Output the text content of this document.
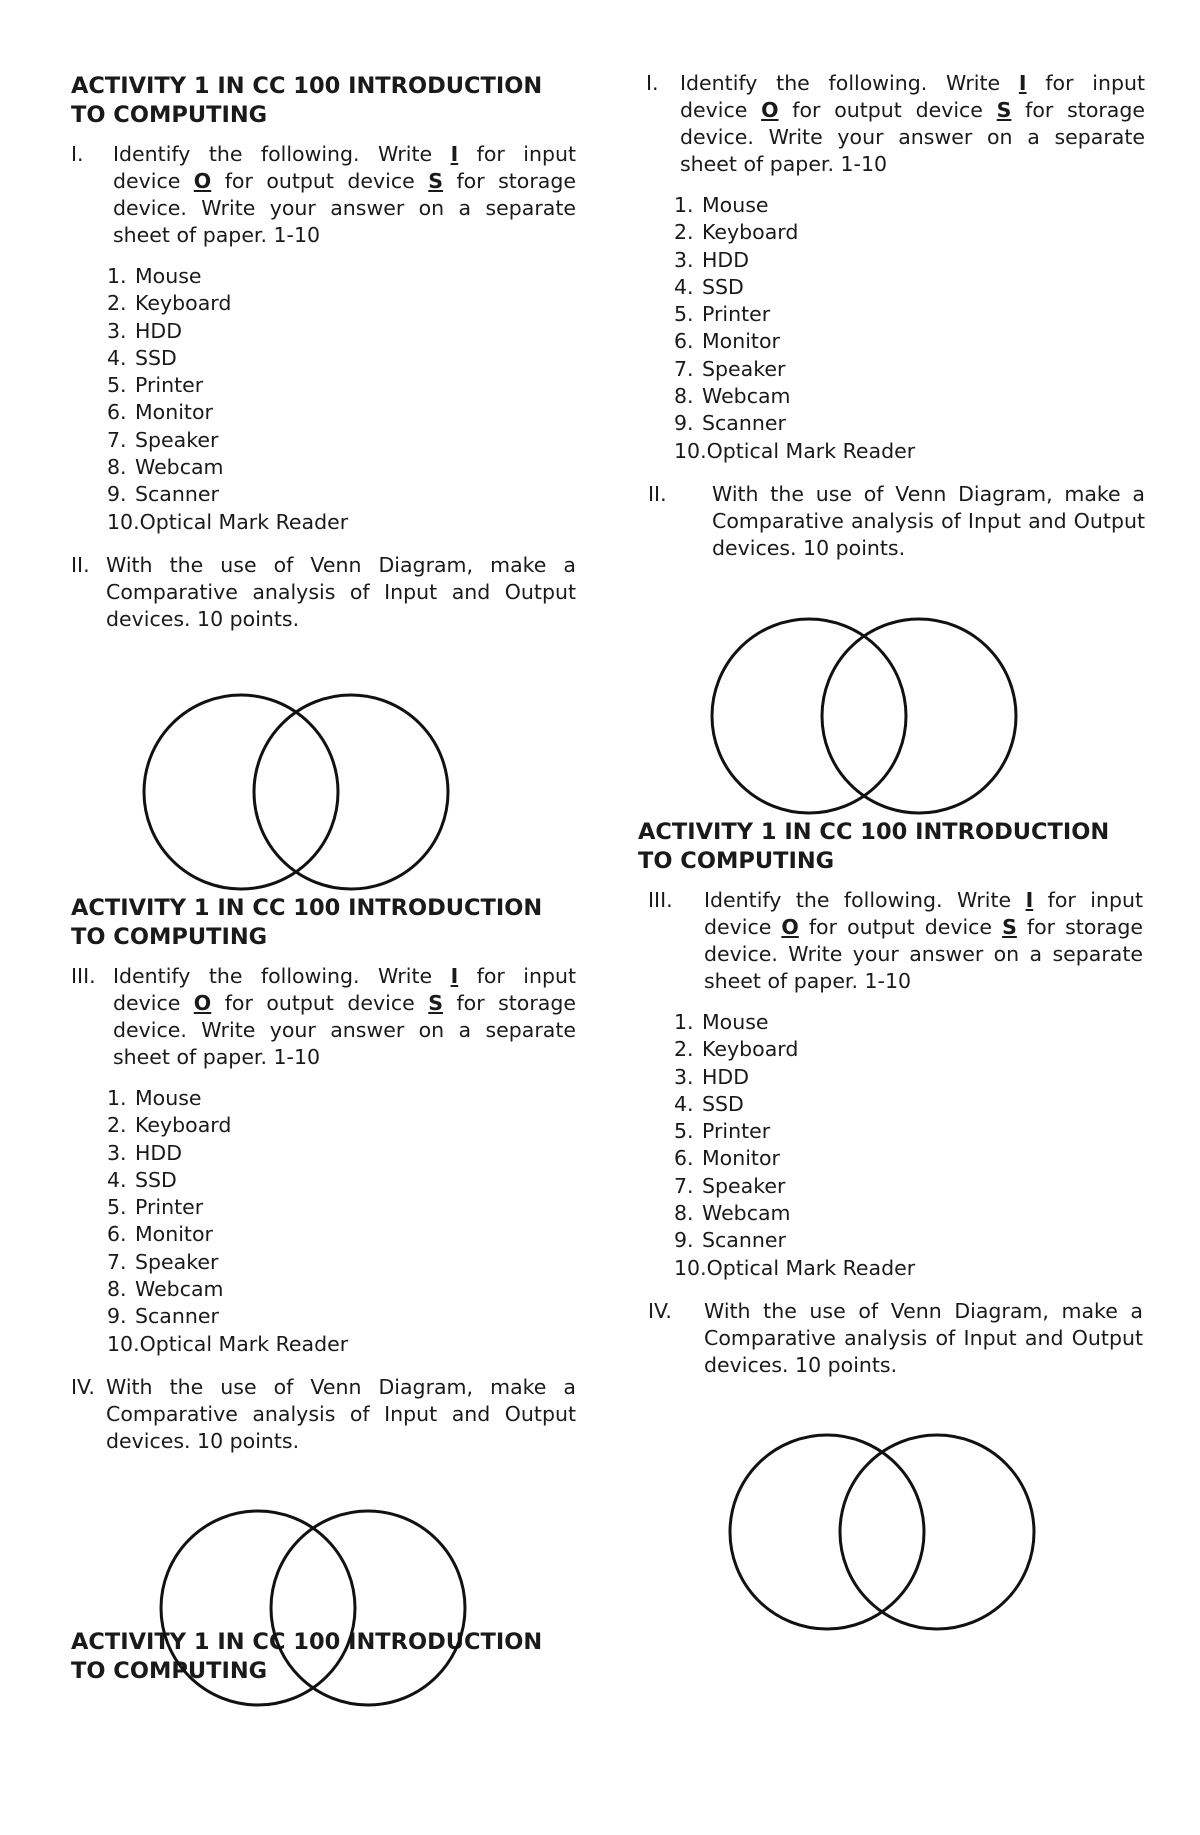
ACTIVITY 1 IN CC 100 INTRODUCTION TO COMPUTING
I.	Identify the following. Write I for input device O for output device S for storage device. Write your answer on a separate sheet of paper. 1-10
1. Mouse
2. Keyboard
3. HDD
4. SSD
5. Printer
6. Monitor
7. Speaker
8. Webcam
9. Scanner
10. Optical Mark Reader
II. With the use of Venn Diagram, make a Comparative analysis of Input and Output devices. 10 points.
ACTIVITY 1 IN CC 100 INTRODUCTION TO COMPUTING
III. Identify the following. Write I for input device O for output device S for storage device. Write your answer on a separate sheet of paper. 1-10
1. Mouse
2. Keyboard
3. HDD
4. SSD
5. Printer
6. Monitor
7. Speaker
8. Webcam
9. Scanner
10. Optical Mark Reader
IV. With the use of Venn Diagram, make a Comparative analysis of Input and Output devices. 10 points.
ACTIVITY 1 IN CC 100 INTRODUCTION TO COMPUTING
I.	Identify the following. Write I for input device O for output device S for storage device. Write your answer on a separate sheet of paper. 1-10
1. Mouse
2. Keyboard
3. HDD
4. SSD
5. Printer
6. Monitor
7. Speaker
8. Webcam
9. Scanner
10. Optical Mark Reader
II.	With the use of Venn Diagram, make a Comparative analysis of Input and Output devices. 10 points.
ACTIVITY 1 IN CC 100 INTRODUCTION TO COMPUTING
III.	Identify the following. Write I for input device O for output device S for storage device. Write your answer on a separate sheet of paper. 1-10
1. Mouse
2. Keyboard
3. HDD
4. SSD
5. Printer
6. Monitor
7. Speaker
8. Webcam
9. Scanner
10. Optical Mark Reader
IV.	With the use of Venn Diagram, make a Comparative analysis of Input and Output devices. 10 points.
